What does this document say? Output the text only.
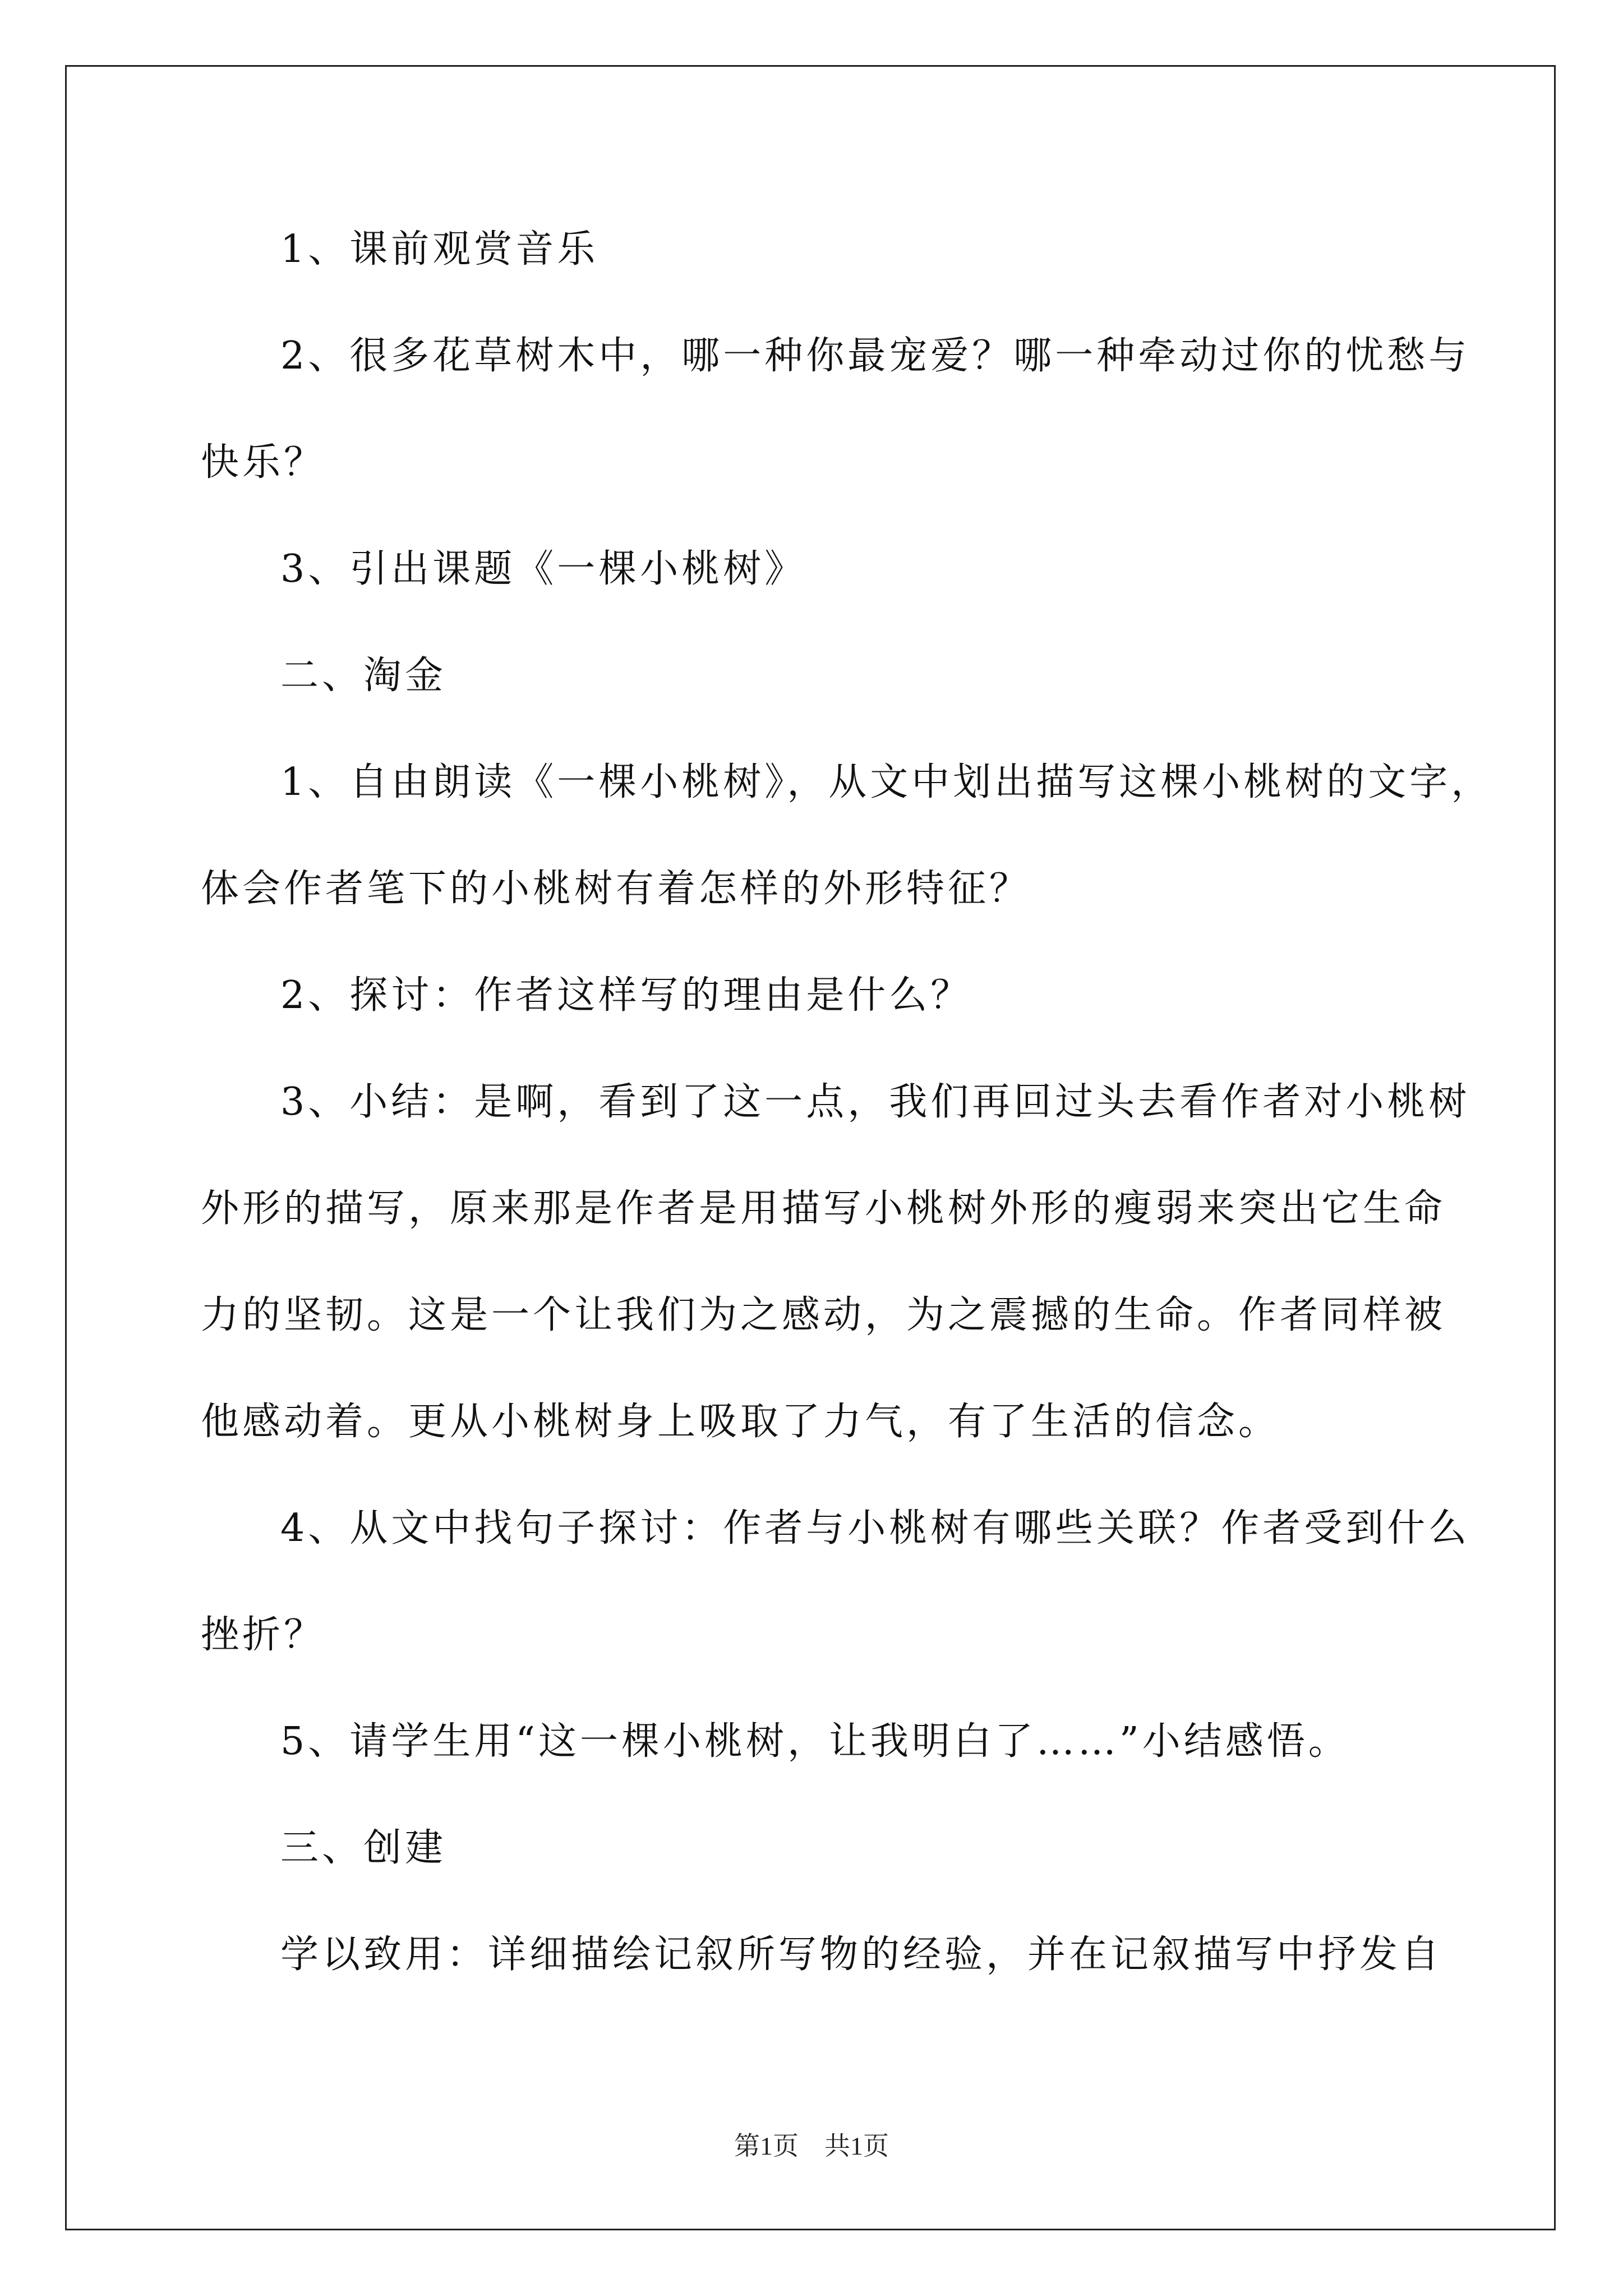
1、课前观赏音乐
2、很多花草树木中，哪一种你最宠爱？哪一种牵动过你的忧愁与
快乐？
3、引出课题《一棵小桃树》
二、淘金
1、自由朗读《一棵小桃树》，从文中划出描写这棵小桃树的文字，
体会作者笔下的小桃树有着怎样的外形特征？
2、探讨：作者这样写的理由是什么？
3、小结：是啊，看到了这一点，我们再回过头去看作者对小桃树
外形的描写，原来那是作者是用描写小桃树外形的瘦弱来突出它生命
力的坚韧。这是一个让我们为之感动，为之震撼的生命。作者同样被
他感动着。更从小桃树身上吸取了力气，有了生活的信念。
4、从文中找句子探讨：作者与小桃树有哪些关联？作者受到什么
挫折？
5、请学生用“这一棵小桃树，让我明白了……”小结感悟。
三、创建
学以致用：详细描绘记叙所写物的经验，并在记叙描写中抒发自
第1页　共1页
